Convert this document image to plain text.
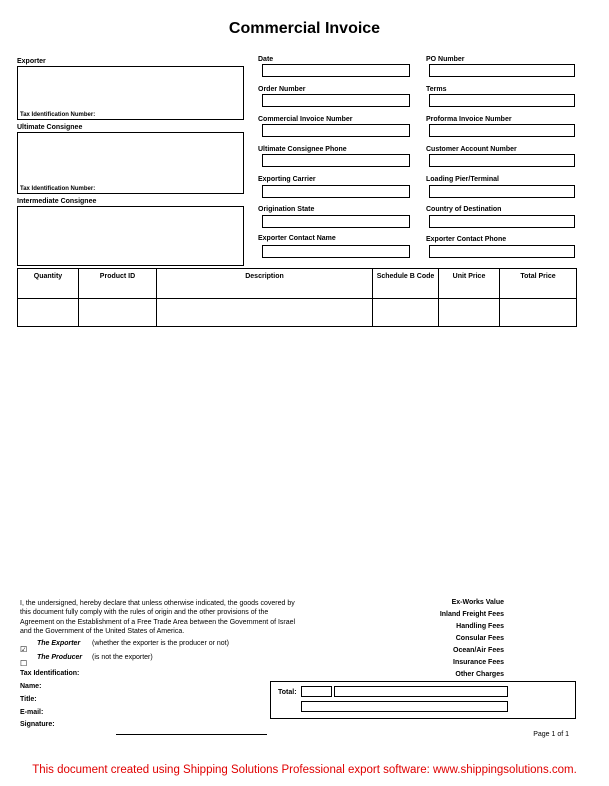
Commercial Invoice
Exporter
Tax Identification Number:
Ultimate Consignee
Tax Identification Number:
Intermediate Consignee
Date
Order Number
Commercial Invoice Number
Ultimate Consignee Phone
Exporting Carrier
Origination State
Exporter Contact Name
PO Number
Terms
Proforma Invoice Number
Customer Account Number
Loading Pier/Terminal
Country of Destination
Exporter Contact Phone
Quantity	Product ID	Description	Schedule B Code	Unit Price	Total Price

I, the undersigned, hereby declare that unless otherwise indicated, the goods covered by this document fully comply with the rules of origin and the other provisions of the Agreement on the Establishment of a Free Trade Area between the Government of Israel and the Government of the United States of America.
☑
The Exporter (whether the exporter is the producer or not)
☐
The Producer (is not the exporter)
Tax Identification:
Name:
Title:
E-mail:
Signature:
Ex-Works Value
Inland Freight Fees
Handling Fees
Consular Fees
Ocean/Air Fees
Insurance Fees
Other Charges
Total:
Page 1 of 1
This document created using Shipping Solutions Professional export software: www.shippingsolutions.com.
